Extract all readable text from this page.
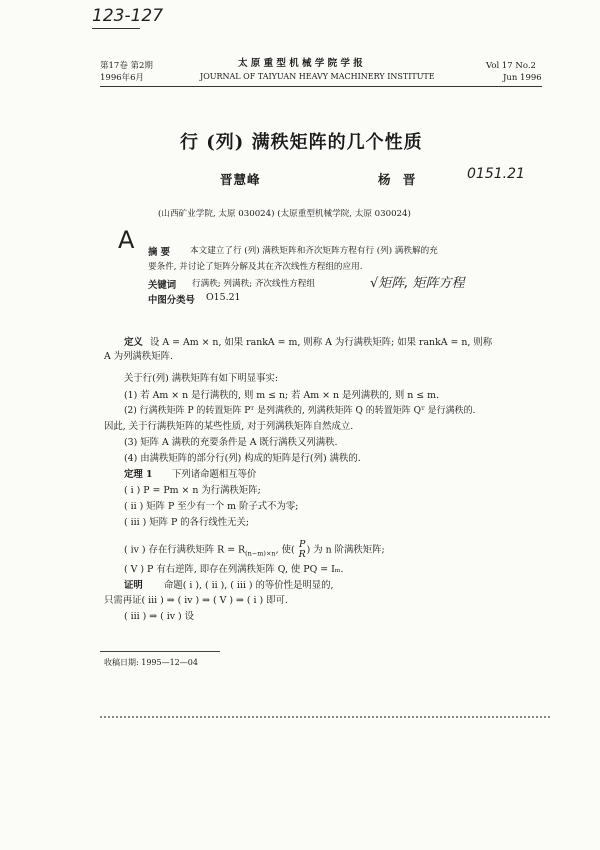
123-127
第17卷 第2期
1996年6月
太 原 重 型 机 械 学 院 学 报
JOURNAL OF TAIYUAN HEAVY MACHINERY INSTITUTE
Vol 17 No.2
Jun 1996
行 (列) 满秩矩阵的几个性质
晋慧峰	杨 晋	0151.21
(山西矿业学院, 太原 030024) (太原重型机械学院, 太原 030024)
A 摘 要 本文建立了行 (列) 满秩矩阵和齐次矩阵方程有行 (列) 满秩解的充
要条件, 并讨论了矩阵分解及其在齐次线性方程组的应用.
关键词 行满秩; 列满秩; 齐次线性方程组	√矩阵, 矩阵方程
中图分类号 O15.21
定义 设 A = Am × n, 如果 rankA = m, 则称 A 为行满秩矩阵; 如果 rankA = n, 则称
A 为列满秩矩阵.
关于行(列) 满秩矩阵有如下明显事实:
(1) 若 Am × n 是行满秩的, 则 m ≤ n; 若 Am × n 是列满秩的, 则 n ≤ m.
(2) 行满秩矩阵 P 的转置矩阵 Pᵀ 是列满秩的, 列满秩矩阵 Q 的转置矩阵 Qᵀ 是行满秩的.
因此, 关于行满秩矩阵的某些性质, 对于列满秩矩阵自然成立.
(3) 矩阵 A 满秩的充要条件是 A 既行满秩又列满秩.
(4) 由满秩矩阵的部分行(列) 构成的矩阵是行(列) 满秩的.
定理 1 下列诸命题相互等价
( ⅰ ) P = Pm × n 为行满秩矩阵;
( ⅱ ) 矩阵 P 至少有一个 m 阶子式不为零;
( ⅲ ) 矩阵 P 的各行线性无关;
( ⅳ ) 存在行满秩矩阵 $R = R_{(n-m)\times n}$, 使( P
R ) 为 n 阶满秩矩阵;
( Ⅴ ) P 有右逆阵, 即存在列满秩矩阵 Q, 使 PQ = Iₘ.
证明 命题( ⅰ ), ( ⅱ ), ( ⅲ ) 的等价性是明显的,
只需再证( ⅲ ) ⇒ ( ⅳ ) ⇒ ( Ⅴ ) ⇒ ( ⅰ ) 即可.
( ⅲ ) ⇒ ( ⅳ ) 设
收稿日期: 1995—12—04
